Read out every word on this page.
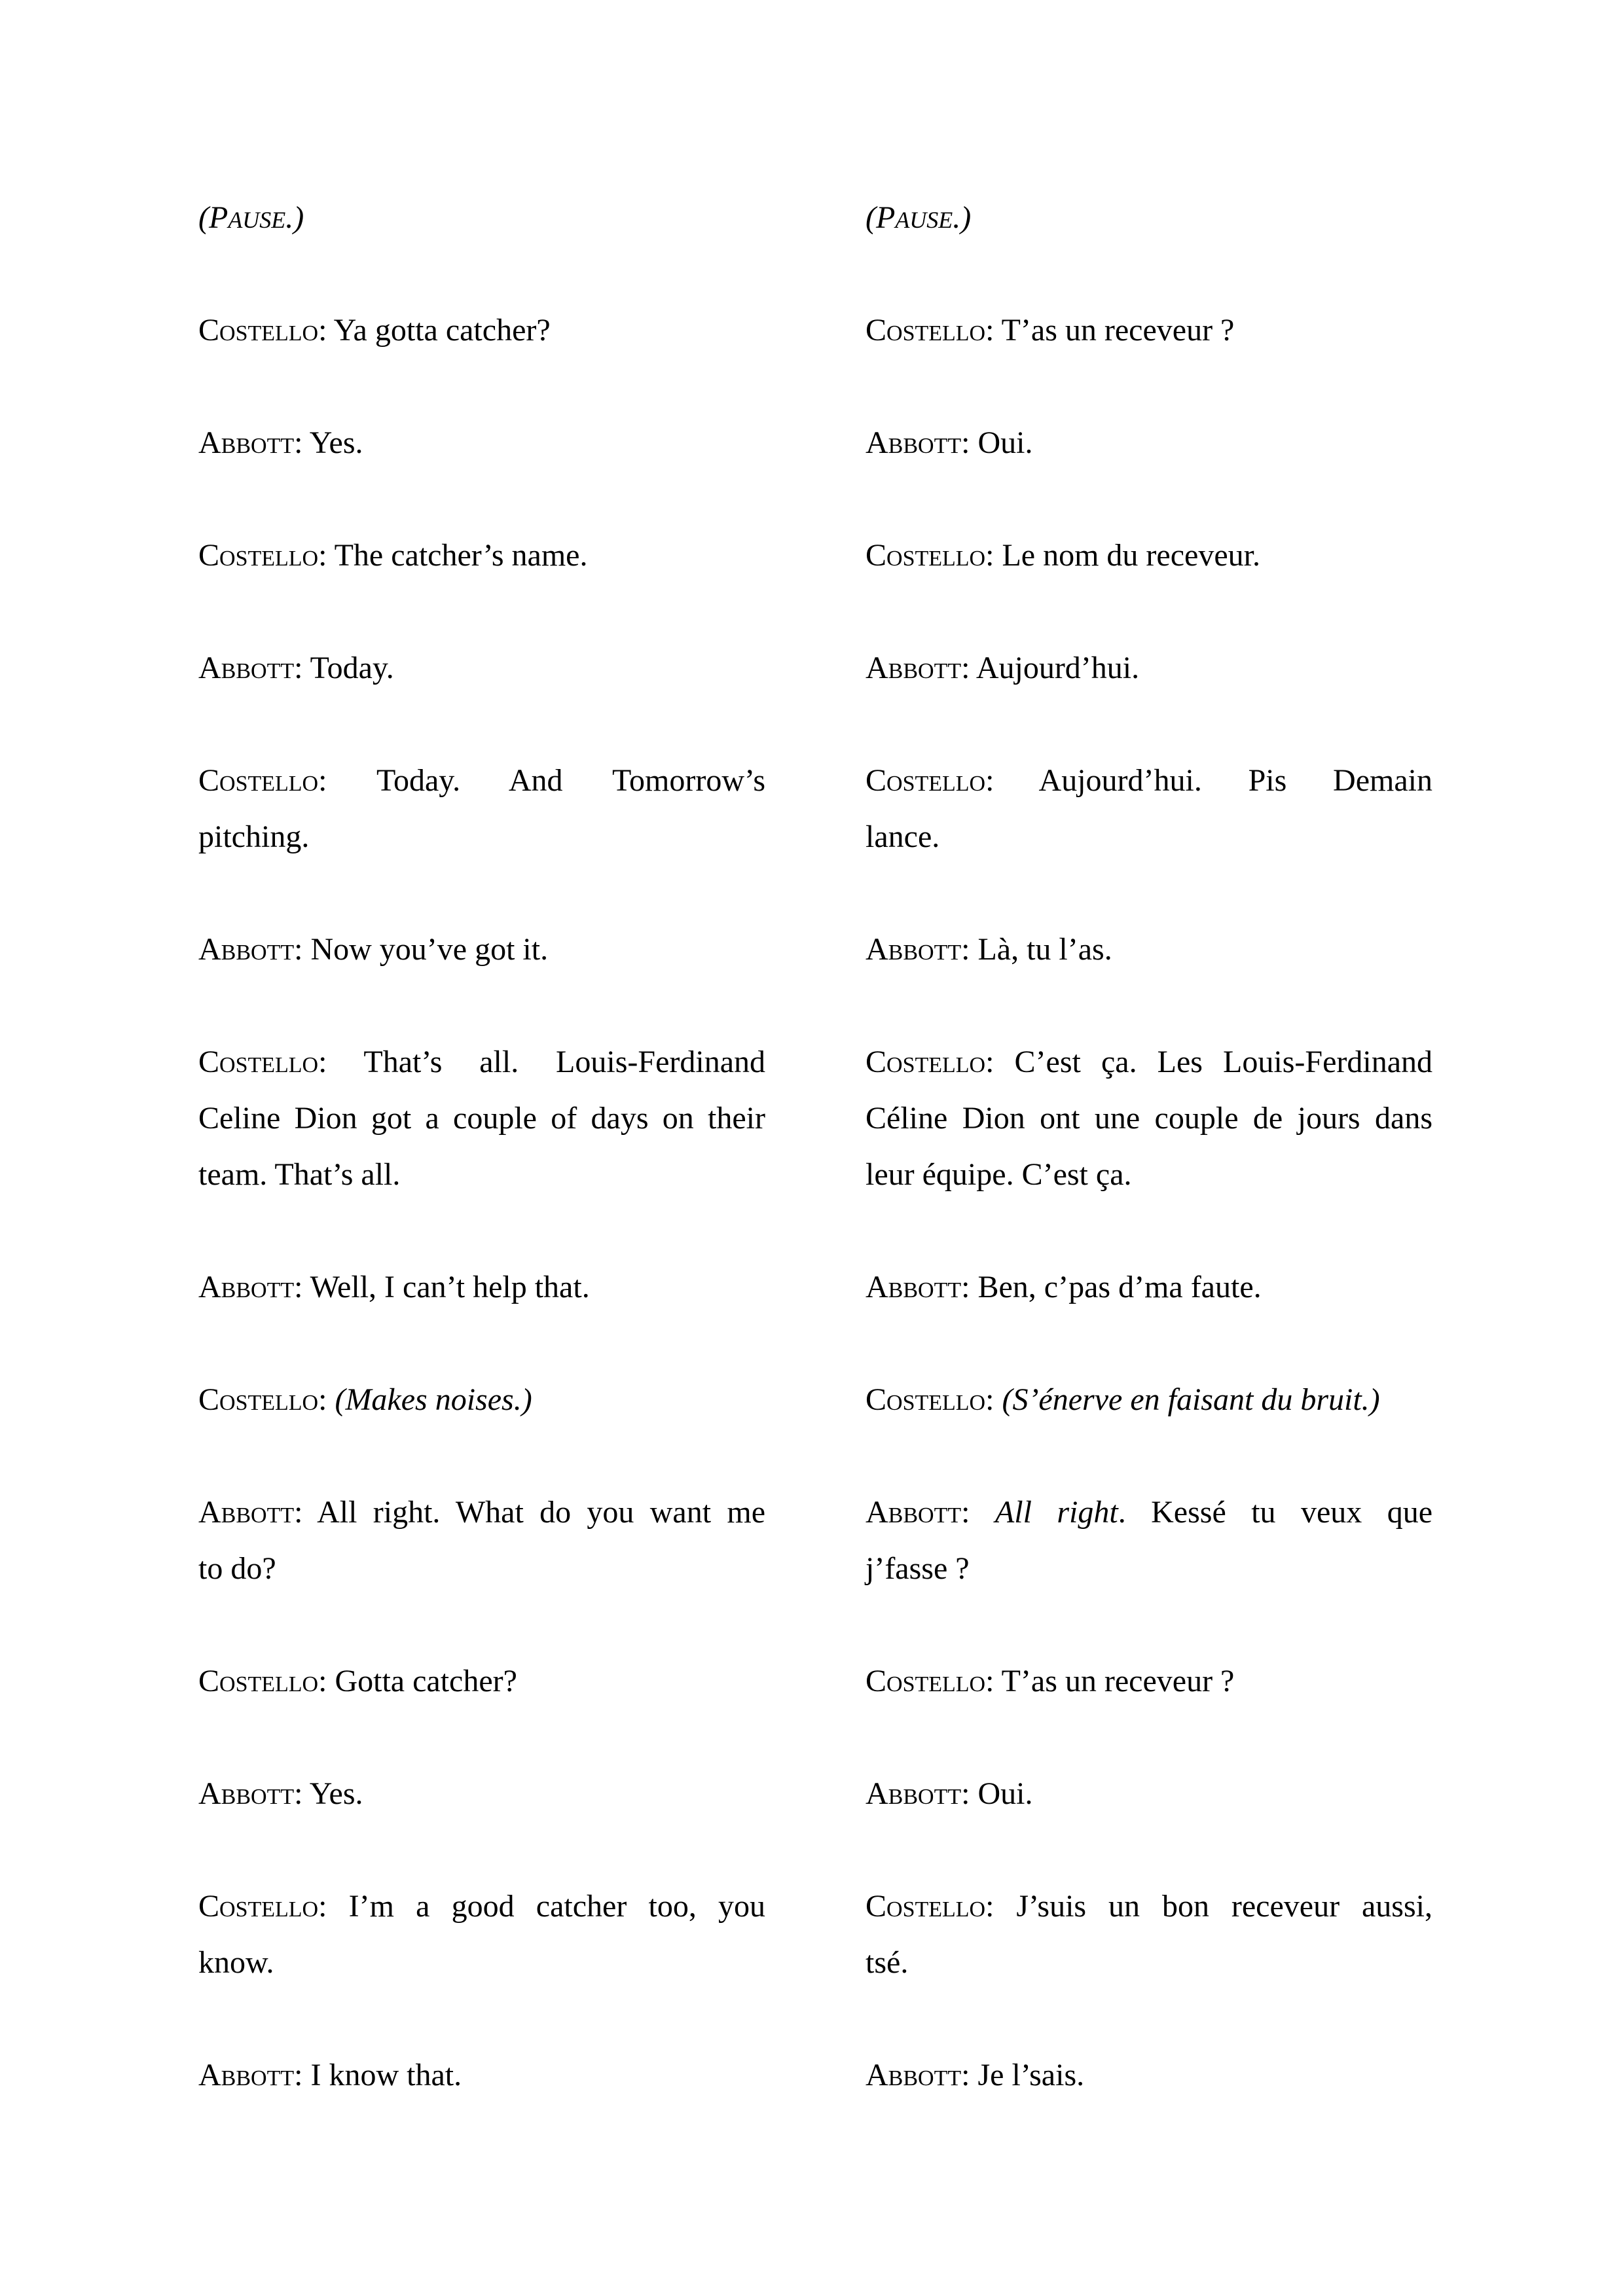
(PAUSE.)
Costello: Ya gotta catcher?
Abbott: Yes.
Costello: The catcher’s name.
Abbott: Today.
Costello: Today. And Tomorrow’s
pitching.
Abbott: Now you’ve got it.
Costello: That’s all. Louis-Ferdinand
Celine Dion got a couple of days on their
team. That’s all.
Abbott: Well, I can’t help that.
Costello: (Makes noises.)
Abbott: All right. What do you want me
to do?
Costello: Gotta catcher?
Abbott: Yes.
Costello: I’m a good catcher too, you
know.
Abbott: I know that.
(PAUSE.)
Costello: T’as un receveur ?
Abbott: Oui.
Costello: Le nom du receveur.
Abbott: Aujourd’hui.
Costello: Aujourd’hui. Pis Demain
lance.
Abbott: Là, tu l’as.
Costello: C’est ça. Les Louis-Ferdinand
Céline Dion ont une couple de jours dans
leur équipe. C’est ça.
Abbott: Ben, c’pas d’ma faute.
Costello: (S’énerve en faisant du bruit.)
Abbott: All right. Kessé tu veux que
j’fasse ?
Costello: T’as un receveur ?
Abbott: Oui.
Costello: J’suis un bon receveur aussi,
tsé.
Abbott: Je l’sais.
